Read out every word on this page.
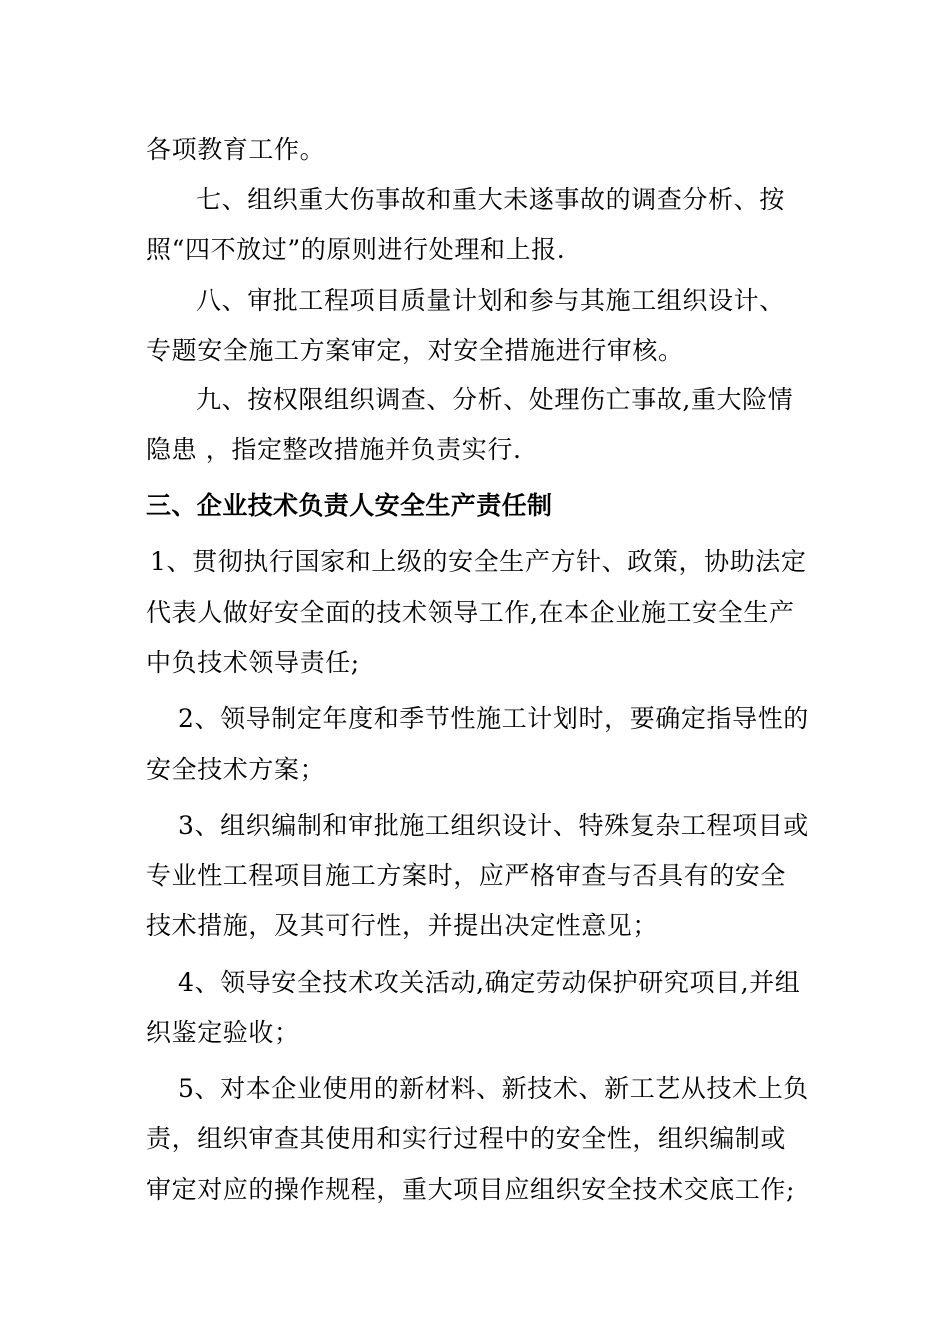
各项教育工作。
七、组织重大伤事故和重大未遂事故的调查分析、按
照“四不放过”的原则进行处理和上报.
八、审批工程项目质量计划和参与其施工组织设计、
专题安全施工方案审定，对安全措施进行审核。
九、按权限组织调查、分析、处理伤亡事故,重大险情
隐患 ，指定整改措施并负责实行.
三、企业技术负责人安全生产责任制
1、贯彻执行国家和上级的安全生产方针、政策，协助法定
代表人做好安全面的技术领导工作,在本企业施工安全生产
中负技术领导责任;
2、领导制定年度和季节性施工计划时，要确定指导性的
安全技术方案；
3、组织编制和审批施工组织设计、特殊复杂工程项目或
专业性工程项目施工方案时，应严格审查与否具有的安全
技术措施，及其可行性，并提出决定性意见；
4、领导安全技术攻关活动,确定劳动保护研究项目,并组
织鉴定验收；
5、对本企业使用的新材料、新技术、新工艺从技术上负
责，组织审查其使用和实行过程中的安全性，组织编制或
审定对应的操作规程，重大项目应组织安全技术交底工作;
